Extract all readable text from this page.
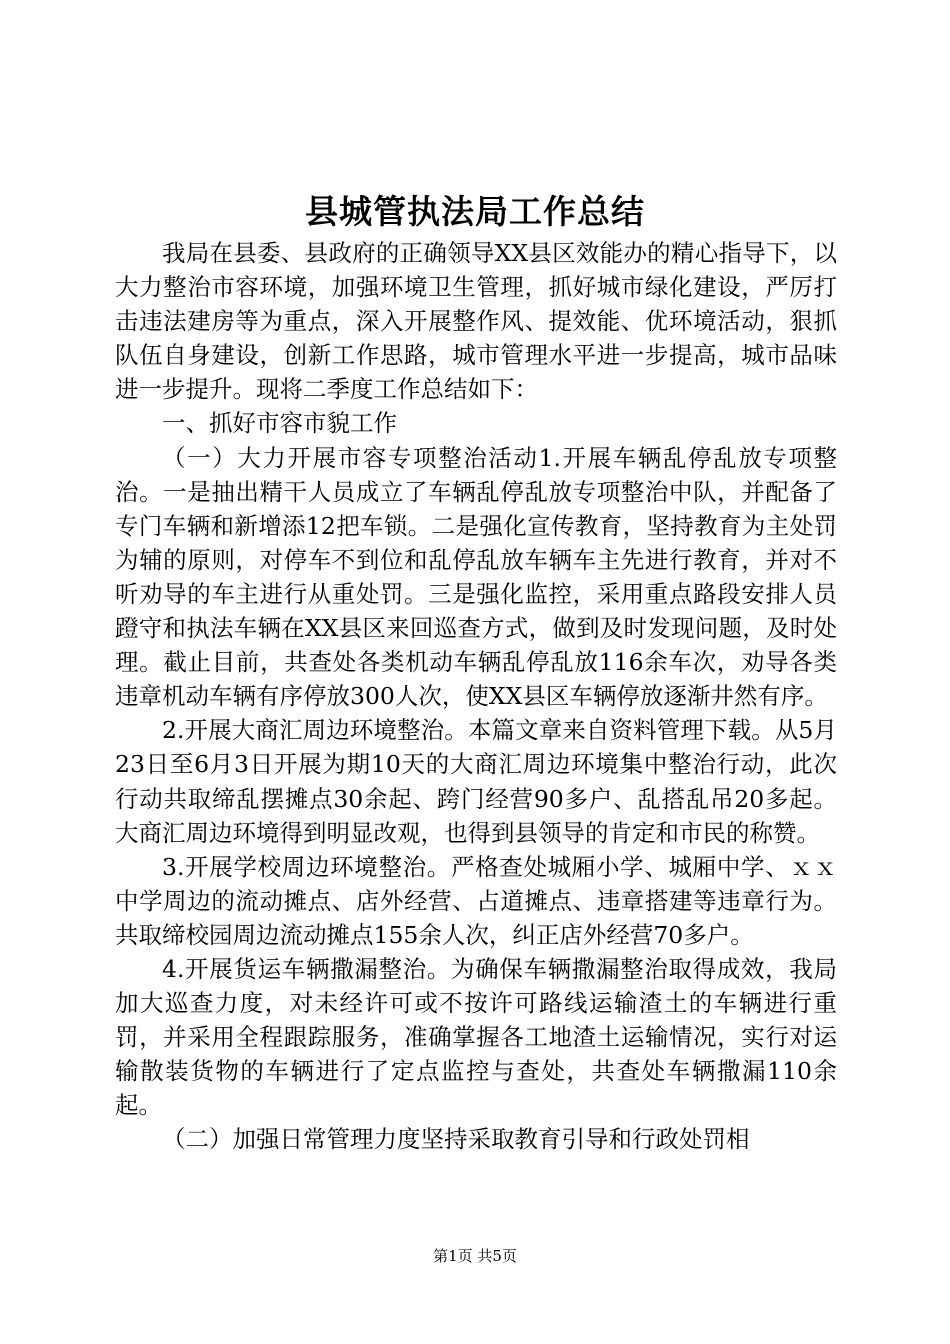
县城管执法局工作总结

我局在县委、县政府的正确领导XX县区效能办的精心指导下，以大力整治市容环境，加强环境卫生管理，抓好城市绿化建设，严厉打击违法建房等为重点，深入开展整作风、提效能、优环境活动，狠抓队伍自身建设，创新工作思路，城市管理水平进一步提高，城市品味进一步提升。现将二季度工作总结如下：

一、抓好市容市貌工作

（一）大力开展市容专项整治活动1.开展车辆乱停乱放专项整治。一是抽出精干人员成立了车辆乱停乱放专项整治中队，并配备了专门车辆和新增添12把车锁。二是强化宣传教育，坚持教育为主处罚为辅的原则，对停车不到位和乱停乱放车辆车主先进行教育，并对不听劝导的车主进行从重处罚。三是强化监控，采用重点路段安排人员蹬守和执法车辆在XX县区来回巡查方式，做到及时发现问题，及时处理。截止目前，共查处各类机动车辆乱停乱放116余车次，劝导各类违章机动车辆有序停放300人次，使XX县区车辆停放逐渐井然有序。

2.开展大商汇周边环境整治。本篇文章来自资料管理下载。从5月23日至6月3日开展为期10天的大商汇周边环境集中整治行动，此次行动共取缔乱摆摊点30余起、跨门经营90多户、乱搭乱吊20多起。大商汇周边环境得到明显改观，也得到县领导的肯定和市民的称赞。

3.开展学校周边环境整治。严格查处城厢小学、城厢中学、ｘｘ中学周边的流动摊点、店外经营、占道摊点、违章搭建等违章行为。共取缔校园周边流动摊点155余人次，纠正店外经营70多户。

4.开展货运车辆撒漏整治。为确保车辆撒漏整治取得成效，我局加大巡查力度，对未经许可或不按许可路线运输渣土的车辆进行重罚，并采用全程跟踪服务，准确掌握各工地渣土运输情况，实行对运输散装货物的车辆进行了定点监控与查处，共查处车辆撒漏110余起。

（二）加强日常管理力度坚持采取教育引导和行政处罚相

第1页 共5页
